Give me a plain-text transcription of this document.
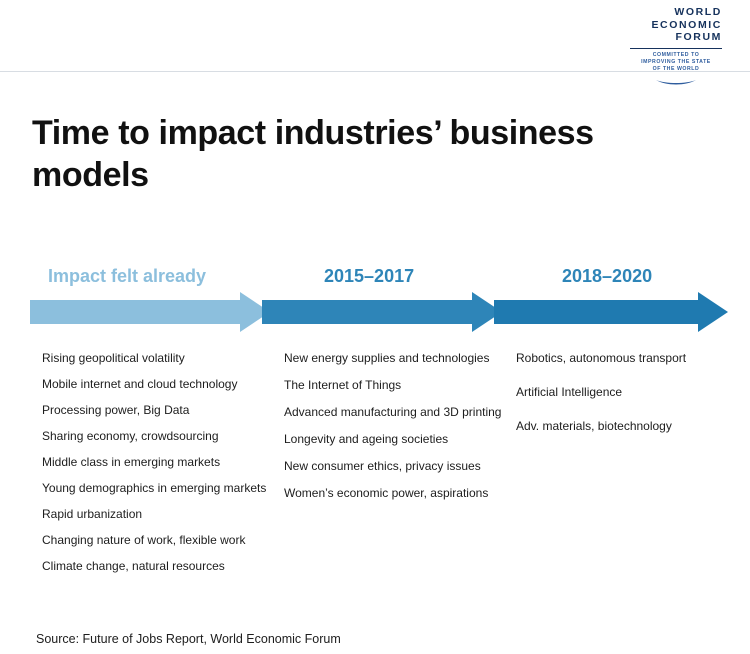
WORLD
ECONOMIC
FORUM
COMMITTED TO
IMPROVING THE STATE
OF THE WORLD
Time to impact industries’ business models
Impact felt already	2015–2017	2018–2020
Rising geopolitical volatility
Mobile internet and cloud technology
Processing power, Big Data
Sharing economy, crowdsourcing
Middle class in emerging markets
Young demographics in emerging markets
Rapid urbanization
Changing nature of work, flexible work
Climate change, natural resources
New energy supplies and technologies
The Internet of Things
Advanced manufacturing and 3D printing
Longevity and ageing societies
New consumer ethics, privacy issues
Women’s economic power, aspirations
Robotics, autonomous transport
Artificial Intelligence
Adv. materials, biotechnology
Source: Future of Jobs Report, World Economic Forum
